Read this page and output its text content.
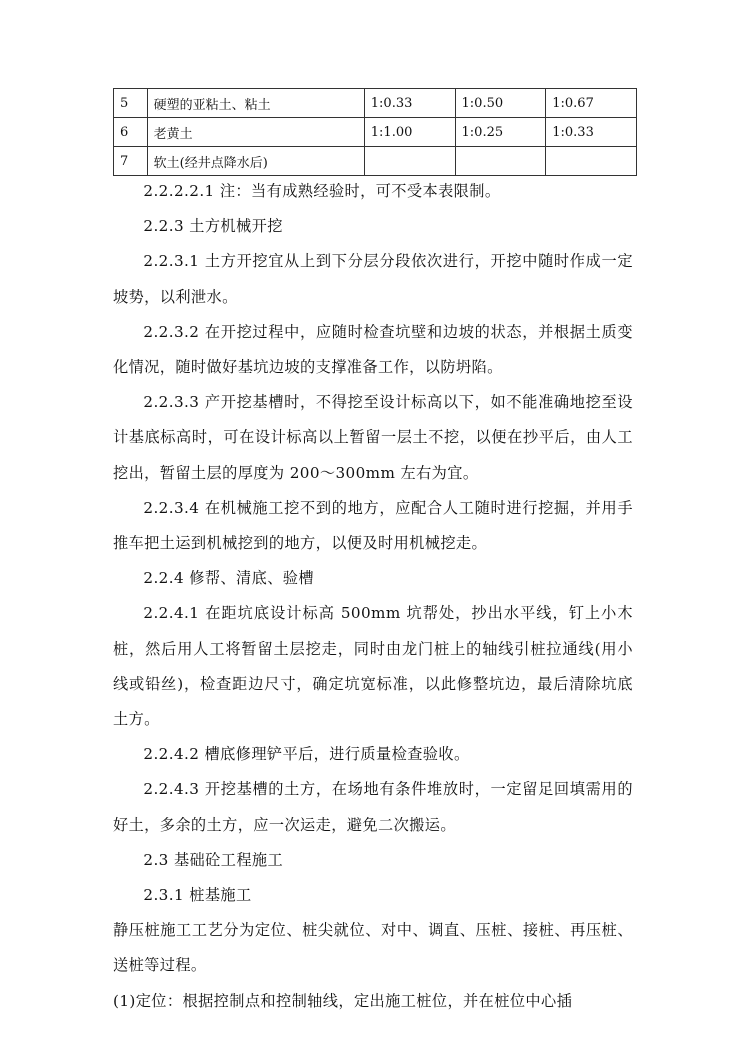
5	硬塑的亚粘土、粘土	1:0.33	1:0.50	1:0.67
6	老黄土	1:1.00	1:0.25	1:0.33
7	软土(经井点降水后)			

2.2.2.2.1 注：当有成熟经验时，可不受本表限制。

2.2.3 土方机械开挖

2.2.3.1 土方开挖宜从上到下分层分段依次进行，开挖中随时作成一定坡势，以利泄水。

2.2.3.2 在开挖过程中，应随时检查坑壁和边坡的状态，并根据土质变化情况，随时做好基坑边坡的支撑准备工作，以防坍陷。

2.2.3.3 产开挖基槽时，不得挖至设计标高以下，如不能准确地挖至设计基底标高时，可在设计标高以上暂留一层土不挖，以便在抄平后，由人工挖出，暂留土层的厚度为 200～300mm 左右为宜。

2.2.3.4 在机械施工挖不到的地方，应配合人工随时进行挖掘，并用手推车把土运到机械挖到的地方，以便及时用机械挖走。

2.2.4 修帮、清底、验槽

2.2.4.1 在距坑底设计标高 500mm 坑帮处，抄出水平线，钉上小木桩，然后用人工将暂留土层挖走，同时由龙门桩上的轴线引桩拉通线(用小线或铅丝)，检查距边尺寸，确定坑宽标准，以此修整坑边，最后清除坑底土方。

2.2.4.2 槽底修理铲平后，进行质量检查验收。

2.2.4.3 开挖基槽的土方，在场地有条件堆放时，一定留足回填需用的好土，多余的土方，应一次运走，避免二次搬运。

2.3 基础砼工程施工

2.3.1 桩基施工

静压桩施工工艺分为定位、桩尖就位、对中、调直、压桩、接桩、再压桩、送桩等过程。

(1)定位：根据控制点和控制轴线，定出施工桩位，并在桩位中心插
